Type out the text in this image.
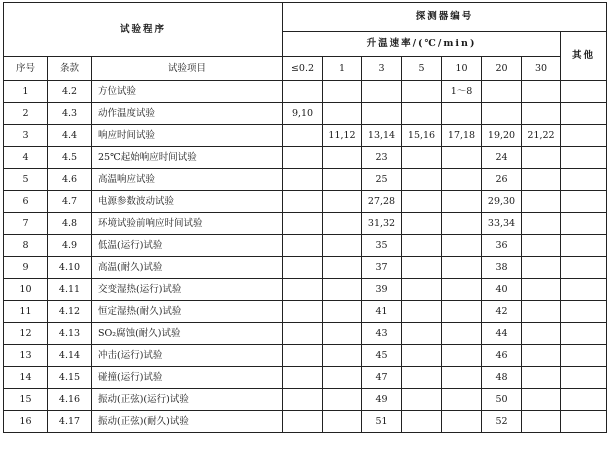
试验程序			探测器编号							
			升温速率/(℃/min)							其他
序号	条款	试验项目	≤0.2	1	3	5	10	20	30	
1	4.2	方位试验					1～8			
2	4.3	动作温度试验	9,10							
3	4.4	响应时间试验		11,12	13,14	15,16	17,18	19,20	21,22	
4	4.5	25℃起始响应时间试验			23			24		
5	4.6	高温响应试验			25			26		
6	4.7	电源参数波动试验			27,28			29,30		
7	4.8	环境试验前响应时间试验			31,32			33,34		
8	4.9	低温(运行)试验			35			36		
9	4.10	高温(耐久)试验			37			38		
10	4.11	交变湿热(运行)试验			39			40		
11	4.12	恒定湿热(耐久)试验			41			42		
12	4.13	SO₂腐蚀(耐久)试验			43			44		
13	4.14	冲击(运行)试验			45			46		
14	4.15	碰撞(运行)试验			47			48		
15	4.16	振动(正弦)(运行)试验			49			50		
16	4.17	振动(正弦)(耐久)试验			51			52		
